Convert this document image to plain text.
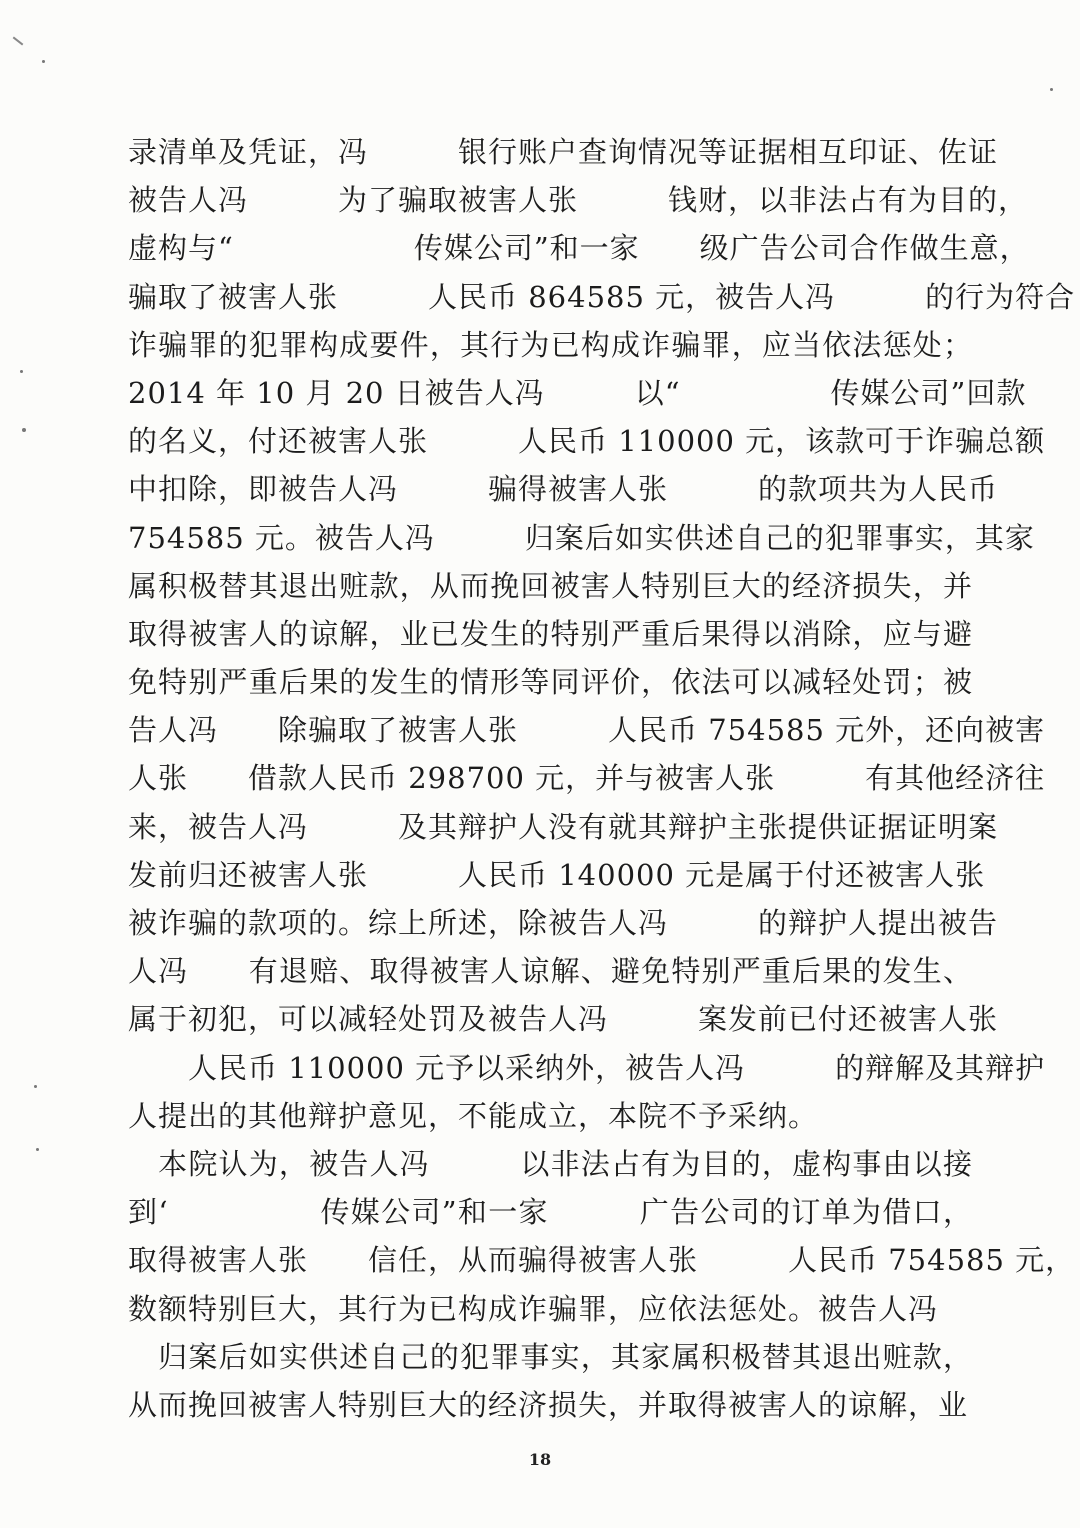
录清单及凭证，冯　　　银行账户查询情况等证据相互印证、佐证
被告人冯　　　为了骗取被害人张　　　钱财，以非法占有为目的，
虚构与“　　　　　　传媒公司”和一家　　级广告公司合作做生意，
骗取了被害人张　　　人民币 864585 元，被告人冯　　　的行为符合
诈骗罪的犯罪构成要件，其行为已构成诈骗罪，应当依法惩处；
2014 年 10 月 20 日被告人冯　　　以“　　　　　传媒公司”回款
的名义，付还被害人张　　　人民币 110000 元，该款可于诈骗总额
中扣除，即被告人冯　　　骗得被害人张　　　的款项共为人民币
754585 元。被告人冯　　　归案后如实供述自己的犯罪事实，其家
属积极替其退出赃款，从而挽回被害人特别巨大的经济损失，并
取得被害人的谅解，业已发生的特别严重后果得以消除，应与避
免特别严重后果的发生的情形等同评价，依法可以减轻处罚；被
告人冯　　除骗取了被害人张　　　人民币 754585 元外，还向被害
人张　　借款人民币 298700 元，并与被害人张　　　有其他经济往
来，被告人冯　　　及其辩护人没有就其辩护主张提供证据证明案
发前归还被害人张　　　人民币 140000 元是属于付还被害人张　　
被诈骗的款项的。综上所述，除被告人冯　　　的辩护人提出被告
人冯　　有退赔、取得被害人谅解、避免特别严重后果的发生、
属于初犯，可以减轻处罚及被告人冯　　　案发前已付还被害人张
　　人民币 110000 元予以采纳外，被告人冯　　　的辩解及其辩护
人提出的其他辩护意见，不能成立，本院不予采纳。
　本院认为，被告人冯　　　以非法占有为目的，虚构事由以接
到‘　　　　　传媒公司”和一家　　　广告公司的订单为借口，
取得被害人张　　信任，从而骗得被害人张　　　人民币 754585 元，
数额特别巨大，其行为已构成诈骗罪，应依法惩处。被告人冯　　
　归案后如实供述自己的犯罪事实，其家属积极替其退出赃款，
从而挽回被害人特别巨大的经济损失，并取得被害人的谅解，业
18
